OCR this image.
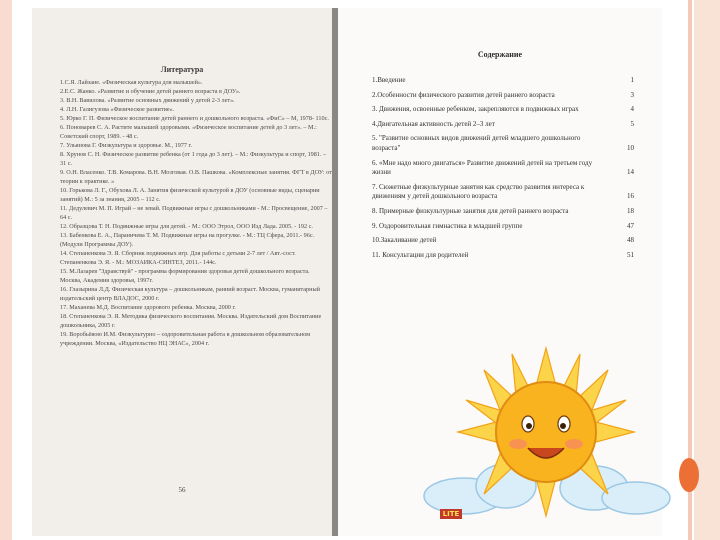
Литература
1.С.Я. Лайзане. «Физическая культура для малышей».
2.Е.С. Жанко. «Развитие и обучение детей раннего возраста в ДОУ».
3. В.Н. Вавилова. «Развитие основных движений у детей 2-3 лет».
4. Л.Н. Галигузова «Физическое развитие».
5. Юрко Г. П. Физическое воспитание детей раннего и дошкольного возраста. «ФиС» – М, 1978- 110с.
6. Пономарев С. А. Растите малышей здоровыми. «Физическое воспитание детей до 3 лет». – М.: Советский спорт, 1989. - 48 с.
7. Ульянова Г. Физкультура и здоровье. М., 1977 г.
8. Хрунов С. Н. Физическое развитие ребенка (от 1 года до 3 лет). – М.: Физкультура и спорт, 1981. – 31 с.
9. О.Н. Власенко. Т.В. Комарова. В.Н. Мозговая. О.В. Пашкова. «Комплексные занятия. ФГТ в ДОУ: от теории к практике. »
10. Горькова Л. Г., Обухова Л. А. Занятия физической культурой в ДОУ (основные виды, сценарии занятий) М.: 5 за знания, 2005 – 112 с.
11. Дедулевич М. П. Играй – не зевай. Подвижные игры с дошкольниками - М.: Просвещение, 2007 – 64 с.
12. Образцова Т. Н. Подвижные игры для детей. - М.: ООО Этрол, ООО Изд Лада. 2005. - 192 с.
13. Бабенкова Е. А., Параничева Т. М. Подвижные игры на прогулке. - М.: ТЦ Сфера, 2011.- 96с. (Модули Программы ДОУ).
14. Степаненкова Э. Я. Сборник подвижных игр. Для работы с детьми 2-7 лет / Авт.-сост. Степаненкова Э. Я. - М.: МОЗАИКА-СИНТЕЗ, 2011.- 144с.
15. М.Лазарев "Здравствуй" - программа формирования здоровья детей дошкольного возраста. Москва, Академия здоровья, 1997г.
16. Глазырина Л.Д. Физическая культура – дошкольникам, ранний возраст. Москва, гуманитарный издательский центр ВЛАДОС, 2000 г.
17. Маханева М.Д. Воспитание здорового ребенка. Москва, 2000 г.
18. Степаненкова Э. Я. Методика физического воспитания. Москва. Издательский дом Воспитание дошкольника, 2005 г.
19. Воробьёвою И.М. Физкультурно – оздоровительная работа в дошкольном образовательном учреждении. Москва, «Издательство НЦ ЭНАС», 2004 г.
56
Содержание
1.Введение	1
2.Особенности физического развития детей раннего возраста	3
3. Движения, освоенные ребенком, закрепляются в подвижных играх	4
4.Двигательная активность детей 2–3 лет	5
5. "Развитие основных видов движений детей младшего дошкольного возраста"	10
6. «Мне надо много двигаться» Развитие движений детей на третьем году жизни	14
7. Сюжетные физкультурные занятия как средство развития интереса к движениям у детей дошкольного возраста	16
8. Примерные физкультурные занятия для детей раннего возраста	18
9. Оздоровительная гимнастика в младшей группе	47
10.Закаливание детей	48
11. Консультации для родителей	51
LITE
